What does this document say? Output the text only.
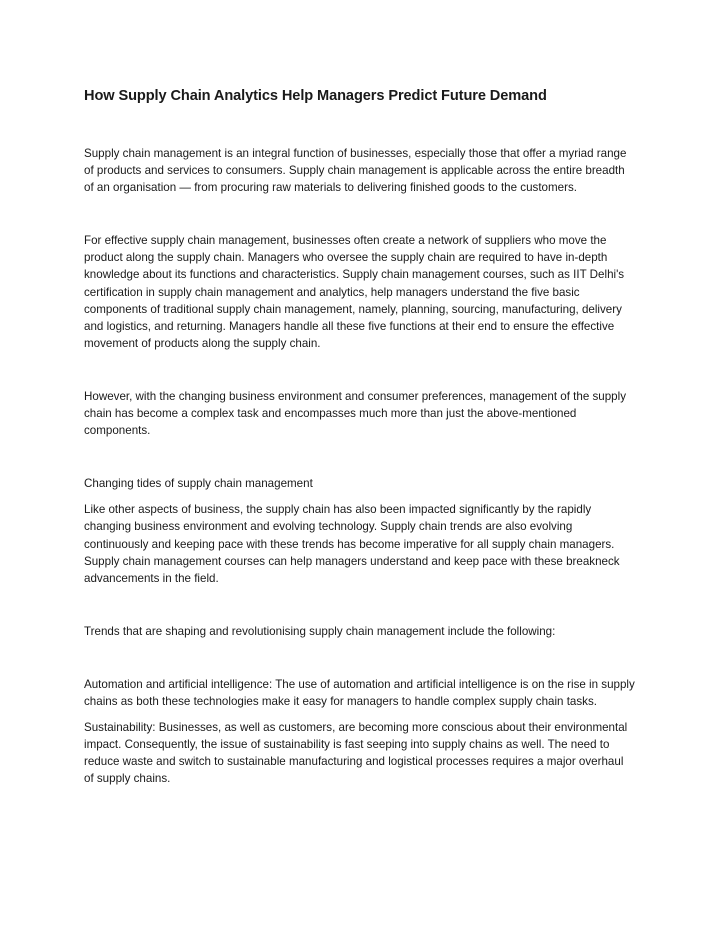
How Supply Chain Analytics Help Managers Predict Future Demand

Supply chain management is an integral function of businesses, especially those that offer a myriad range of products and services to consumers. Supply chain management is applicable across the entire breadth of an organisation — from procuring raw materials to delivering finished goods to the customers.

For effective supply chain management, businesses often create a network of suppliers who move the product along the supply chain. Managers who oversee the supply chain are required to have in-depth knowledge about its functions and characteristics. Supply chain management courses, such as IIT Delhi's certification in supply chain management and analytics, help managers understand the five basic components of traditional supply chain management, namely, planning, sourcing, manufacturing, delivery and logistics, and returning. Managers handle all these five functions at their end to ensure the effective movement of products along the supply chain.

However, with the changing business environment and consumer preferences, management of the supply chain has become a complex task and encompasses much more than just the above-mentioned components.

Changing tides of supply chain management

Like other aspects of business, the supply chain has also been impacted significantly by the rapidly changing business environment and evolving technology. Supply chain trends are also evolving continuously and keeping pace with these trends has become imperative for all supply chain managers. Supply chain management courses can help managers understand and keep pace with these breakneck advancements in the field.

Trends that are shaping and revolutionising supply chain management include the following:

Automation and artificial intelligence: The use of automation and artificial intelligence is on the rise in supply chains as both these technologies make it easy for managers to handle complex supply chain tasks.

Sustainability: Businesses, as well as customers, are becoming more conscious about their environmental impact. Consequently, the issue of sustainability is fast seeping into supply chains as well. The need to reduce waste and switch to sustainable manufacturing and logistical processes requires a major overhaul of supply chains.
